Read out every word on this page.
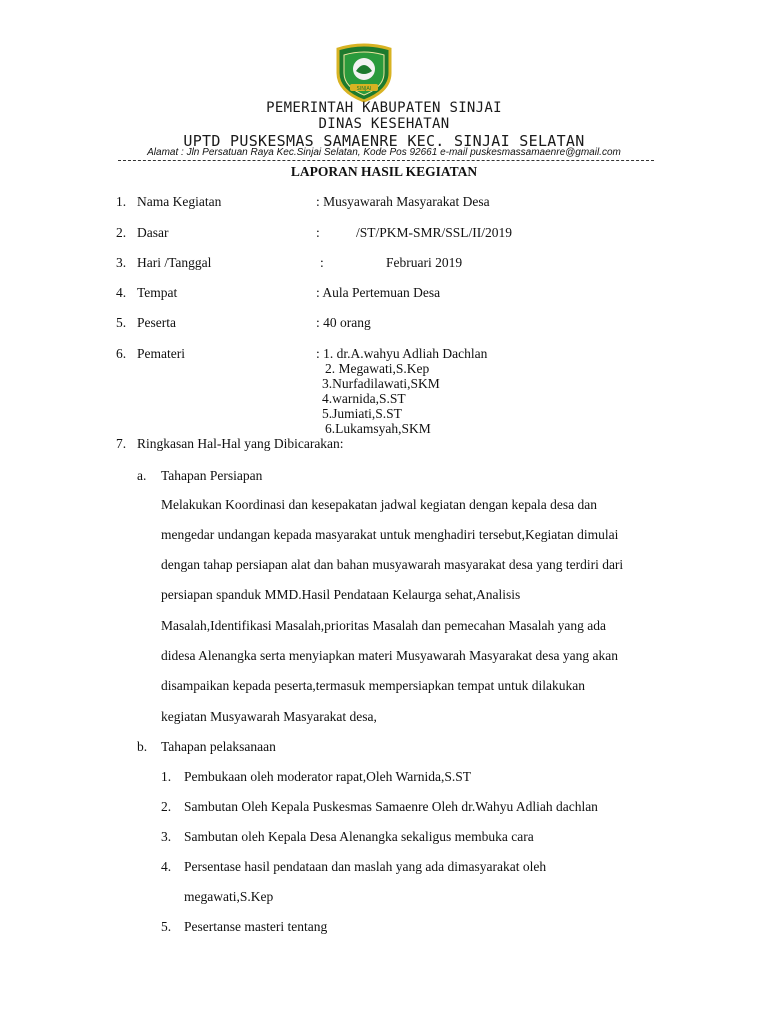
SINJAI
PEMERINTAH KABUPATEN SINJAI
DINAS KESEHATAN
UPTD PUSKESMAS SAMAENRE KEC. SINJAI SELATAN
Alamat : Jln Persatuan Raya Kec.Sinjai Selatan, Kode Pos 92661 e-mail puskesmassamaenre@gmail.com
LAPORAN HASIL KEGIATAN
1. Nama Kegiatan	: Musyawarah Masyarakat Desa
2. Dasar	:	/ST/PKM-SMR/SSL/II/2019
3. Hari /Tanggal	:	Februari 2019
4. Tempat	: Aula Pertemuan Desa
5. Peserta	: 40 orang
6. Pemateri	: 1. dr.A.wahyu Adliah Dachlan
2. Megawati,S.Kep
3.Nurfadilawati,SKM
4.warnida,S.ST
5.Jumiati,S.ST
6.Lukamsyah,SKM
7. Ringkasan Hal-Hal yang Dibicarakan:
a. Tahapan Persiapan
Melakukan Koordinasi dan kesepakatan jadwal kegiatan dengan kepala desa dan
mengedar undangan kepada masyarakat untuk menghadiri tersebut,Kegiatan dimulai
dengan tahap persiapan alat dan bahan musyawarah masyarakat desa yang terdiri dari
persiapan spanduk MMD.Hasil Pendataan Kelaurga sehat,Analisis
Masalah,Identifikasi Masalah,prioritas Masalah dan pemecahan Masalah yang ada
didesa Alenangka serta menyiapkan materi Musyawarah Masyarakat desa yang akan
disampaikan kepada peserta,termasuk mempersiapkan tempat untuk dilakukan
kegiatan Musyawarah Masyarakat desa,
b. Tahapan pelaksanaan
1. Pembukaan oleh moderator rapat,Oleh Warnida,S.ST
2. Sambutan Oleh Kepala Puskesmas Samaenre Oleh dr.Wahyu Adliah dachlan
3. Sambutan oleh Kepala Desa Alenangka sekaligus membuka cara
4. Persentase hasil pendataan dan maslah yang ada dimasyarakat oleh
megawati,S.Kep
5. Pesertanse masteri tentang
